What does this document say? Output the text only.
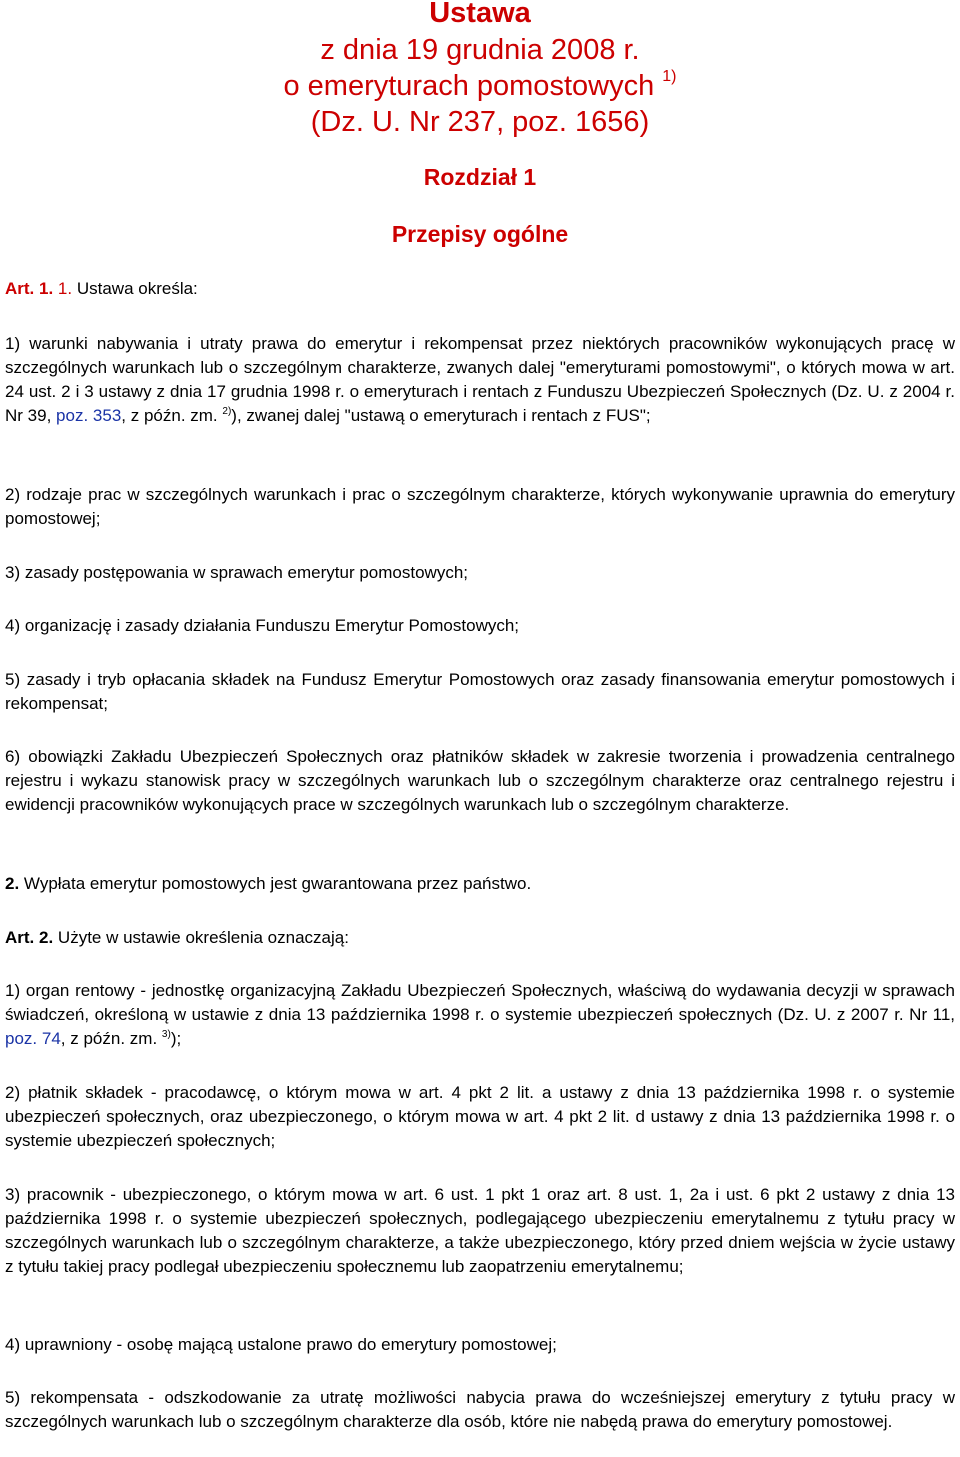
Ustawa
z dnia 19 grudnia 2008 r.
o emeryturach pomostowych $^{1)}$
(Dz. U. Nr 237, poz. 1656)
Rozdział 1
Przepisy ogólne
Art. 1. 1. Ustawa określa:
1) warunki nabywania i utraty prawa do emerytur i rekompensat przez niektórych pracowników wykonujących pracę w szczególnych warunkach lub o szczególnym charakterze, zwanych dalej "emeryturami pomostowymi", o których mowa w art. 24 ust. 2 i 3 ustawy z dnia 17 grudnia 1998 r. o emeryturach i rentach z Funduszu Ubezpieczeń Społecznych (Dz. U. z 2004 r. Nr 39, poz. 353, z późn. zm. $^{2)}$), zwanej dalej "ustawą o emeryturach i rentach z FUS";
2) rodzaje prac w szczególnych warunkach i prac o szczególnym charakterze, których wykonywanie uprawnia do emerytury pomostowej;
3) zasady postępowania w sprawach emerytur pomostowych;
4) organizację i zasady działania Funduszu Emerytur Pomostowych;
5) zasady i tryb opłacania składek na Fundusz Emerytur Pomostowych oraz zasady finansowania emerytur pomostowych i rekompensat;
6) obowiązki Zakładu Ubezpieczeń Społecznych oraz płatników składek w zakresie tworzenia i prowadzenia centralnego rejestru i wykazu stanowisk pracy w szczególnych warunkach lub o szczególnym charakterze oraz centralnego rejestru i ewidencji pracowników wykonujących prace w szczególnych warunkach lub o szczególnym charakterze.
2. Wypłata emerytur pomostowych jest gwarantowana przez państwo.
Art. 2. Użyte w ustawie określenia oznaczają:
1) organ rentowy - jednostkę organizacyjną Zakładu Ubezpieczeń Społecznych, właściwą do wydawania decyzji w sprawach świadczeń, określoną w ustawie z dnia 13 października 1998 r. o systemie ubezpieczeń społecznych (Dz. U. z 2007 r. Nr 11, poz. 74, z późn. zm. $^{3)}$);
2) płatnik składek - pracodawcę, o którym mowa w art. 4 pkt 2 lit. a ustawy z dnia 13 października 1998 r. o systemie ubezpieczeń społecznych, oraz ubezpieczonego, o którym mowa w art. 4 pkt 2 lit. d ustawy z dnia 13 października 1998 r. o systemie ubezpieczeń społecznych;
3) pracownik - ubezpieczonego, o którym mowa w art. 6 ust. 1 pkt 1 oraz art. 8 ust. 1, 2a i ust. 6 pkt 2 ustawy z dnia 13 października 1998 r. o systemie ubezpieczeń społecznych, podlegającego ubezpieczeniu emerytalnemu z tytułu pracy w szczególnych warunkach lub o szczególnym charakterze, a także ubezpieczonego, który przed dniem wejścia w życie ustawy z tytułu takiej pracy podlegał ubezpieczeniu społecznemu lub zaopatrzeniu emerytalnemu;
4) uprawniony - osobę mającą ustalone prawo do emerytury pomostowej;
5) rekompensata - odszkodowanie za utratę możliwości nabycia prawa do wcześniejszej emerytury z tytułu pracy w szczególnych warunkach lub o szczególnym charakterze dla osób, które nie nabędą prawa do emerytury pomostowej.
